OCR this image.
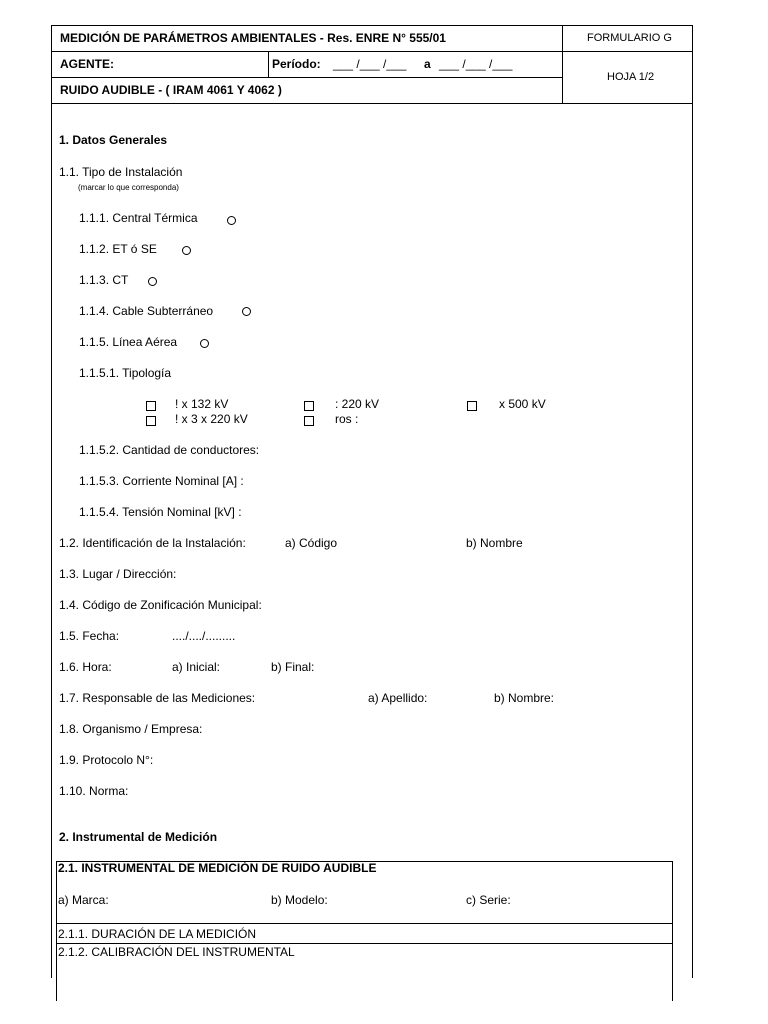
MEDICIÓN DE PARÁMETROS AMBIENTALES - Res. ENRE N° 555/01	FORMULARIO G
AGENTE:	Período: ___ /___ /___ a ___ /___ /___
HOJA 1/2
RUIDO AUDIBLE - ( IRAM 4061 Y 4062 )
1. Datos Generales
1.1. Tipo de Instalación
(marcar lo que corresponda)
1.1.1. Central Térmica
1.1.2. ET ó SE
1.1.3. CT
1.1.4. Cable Subterráneo
1.1.5. Línea Aérea
1.1.5.1. Tipología
! x 132 kV	: 220 kV	x 500 kV
! x 3 x 220 kV	ros :
1.1.5.2. Cantidad de conductores:
1.1.5.3. Corriente Nominal [A] :
1.1.5.4. Tensión Nominal [kV] :
1.2. Identificación de la Instalación:	a) Código	b) Nombre
1.3. Lugar / Dirección:
1.4. Código de Zonificación Municipal:
1.5. Fecha:	..../..../.........
1.6. Hora:	a) Inicial:	b) Final:
1.7. Responsable de las Mediciones:	a) Apellido:	b) Nombre:
1.8. Organismo / Empresa:
1.9. Protocolo N°:
1.10. Norma:
2. Instrumental de Medición
2.1. INSTRUMENTAL DE MEDICIÓN DE RUIDO AUDIBLE
a) Marca:	b) Modelo:	c) Serie:
2.1.1. DURACIÓN DE LA MEDICIÓN
2.1.2. CALIBRACIÓN DEL INSTRUMENTAL
